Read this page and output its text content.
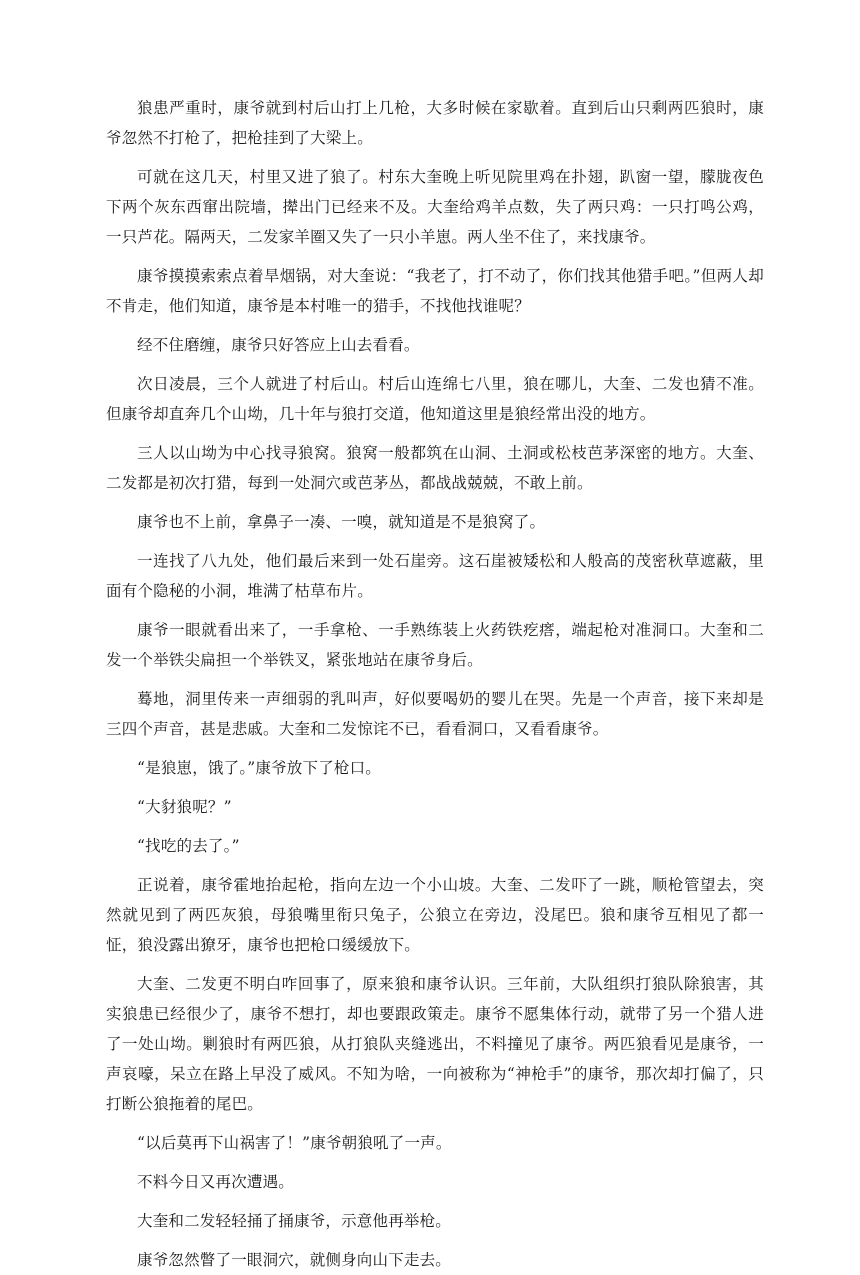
狼患严重时，康爷就到村后山打上几枪，大多时候在家歇着。直到后山只剩两匹狼时，康爷忽然不打枪了，把枪挂到了大梁上。

可就在这几天，村里又进了狼了。村东大奎晚上听见院里鸡在扑翅，趴窗一望，朦胧夜色下两个灰东西窜出院墙，撵出门已经来不及。大奎给鸡羊点数，失了两只鸡：一只打鸣公鸡，一只芦花。隔两天，二发家羊圈又失了一只小羊崽。两人坐不住了，来找康爷。

康爷摸摸索索点着旱烟锅，对大奎说：“我老了，打不动了，你们找其他猎手吧。”但两人却不肯走，他们知道，康爷是本村唯一的猎手，不找他找谁呢？

经不住磨缠，康爷只好答应上山去看看。

次日凌晨，三个人就进了村后山。村后山连绵七八里，狼在哪儿，大奎、二发也猜不准。但康爷却直奔几个山坳，几十年与狼打交道，他知道这里是狼经常出没的地方。

三人以山坳为中心找寻狼窝。狼窝一般都筑在山洞、土洞或松枝芭茅深密的地方。大奎、二发都是初次打猎，每到一处洞穴或芭茅丛，都战战兢兢，不敢上前。

康爷也不上前，拿鼻子一凑、一嗅，就知道是不是狼窝了。

一连找了八九处，他们最后来到一处石崖旁。这石崖被矮松和人般高的茂密秋草遮蔽，里面有个隐秘的小洞，堆满了枯草布片。

康爷一眼就看出来了，一手拿枪、一手熟练装上火药铁疙瘩，端起枪对准洞口。大奎和二发一个举铁尖扁担一个举铁叉，紧张地站在康爷身后。

蓦地，洞里传来一声细弱的乳叫声，好似要喝奶的婴儿在哭。先是一个声音，接下来却是三四个声音，甚是悲戚。大奎和二发惊诧不已，看看洞口，又看看康爷。

“是狼崽，饿了。”康爷放下了枪口。

“大豺狼呢？”

“找吃的去了。”

正说着，康爷霍地抬起枪，指向左边一个小山坡。大奎、二发吓了一跳，顺枪管望去，突然就见到了两匹灰狼，母狼嘴里衔只兔子，公狼立在旁边，没尾巴。狼和康爷互相见了都一怔，狼没露出獠牙，康爷也把枪口缓缓放下。

大奎、二发更不明白咋回事了，原来狼和康爷认识。三年前，大队组织打狼队除狼害，其实狼患已经很少了，康爷不想打，却也要跟政策走。康爷不愿集体行动，就带了另一个猎人进了一处山坳。剿狼时有两匹狼，从打狼队夹缝逃出，不料撞见了康爷。两匹狼看见是康爷，一声哀嚎，呆立在路上早没了威风。不知为啥，一向被称为“神枪手”的康爷，那次却打偏了，只打断公狼拖着的尾巴。

“以后莫再下山祸害了！”康爷朝狼吼了一声。

不料今日又再次遭遇。

大奎和二发轻轻捅了捅康爷，示意他再举枪。

康爷忽然瞥了一眼洞穴，就侧身向山下走去。
